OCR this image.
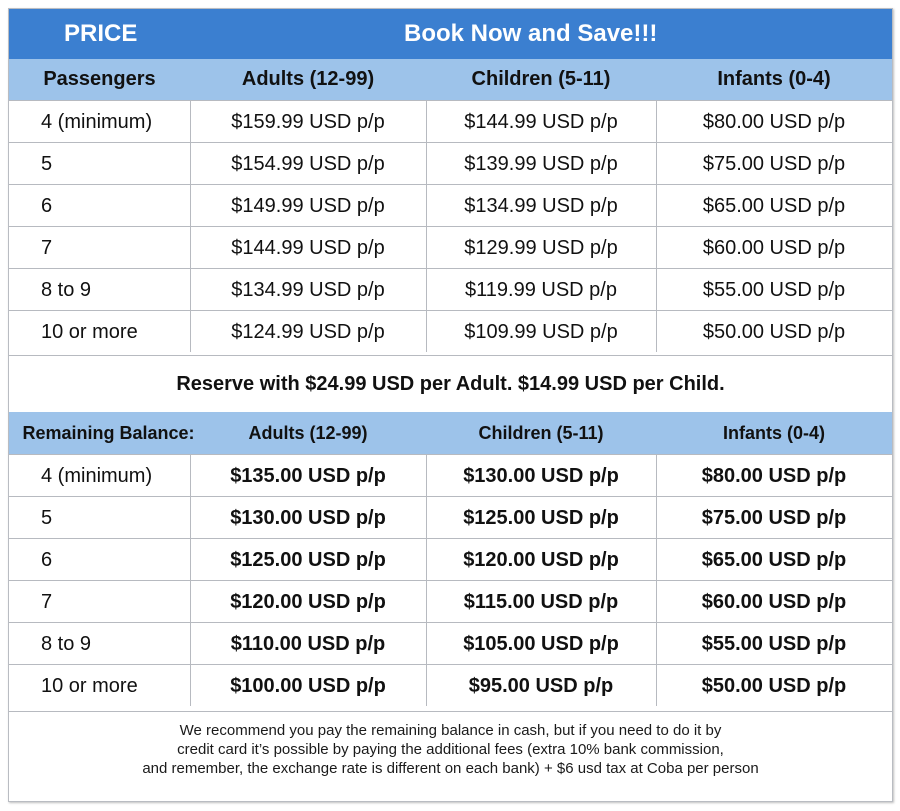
PRICE	Book Now and Save!!!
Passengers	Adults (12-99)	Children (5-11)	Infants (0-4)
4 (minimum)	$159.99 USD p/p	$144.99 USD p/p	$80.00 USD p/p
5	$154.99 USD p/p	$139.99 USD p/p	$75.00 USD p/p
6	$149.99 USD p/p	$134.99 USD p/p	$65.00 USD p/p
7	$144.99 USD p/p	$129.99 USD p/p	$60.00 USD p/p
8 to 9	$134.99 USD p/p	$119.99 USD p/p	$55.00 USD p/p
10 or more	$124.99 USD p/p	$109.99 USD p/p	$50.00 USD p/p
Reserve with $24.99 USD per Adult. $14.99 USD per Child.
Remaining Balance:	Adults (12-99)	Children (5-11)	Infants (0-4)
4 (minimum)	$135.00 USD p/p	$130.00 USD p/p	$80.00 USD p/p
5	$130.00 USD p/p	$125.00 USD p/p	$75.00 USD p/p
6	$125.00 USD p/p	$120.00 USD p/p	$65.00 USD p/p
7	$120.00 USD p/p	$115.00 USD p/p	$60.00 USD p/p
8 to 9	$110.00 USD p/p	$105.00 USD p/p	$55.00 USD p/p
10 or more	$100.00 USD p/p	$95.00 USD p/p	$50.00 USD p/p
We recommend you pay the remaining balance in cash, but if you need to do it by
credit card it’s possible by paying the additional fees (extra 10% bank commission,
and remember, the exchange rate is different on each bank) + $6 usd tax at Coba per person
